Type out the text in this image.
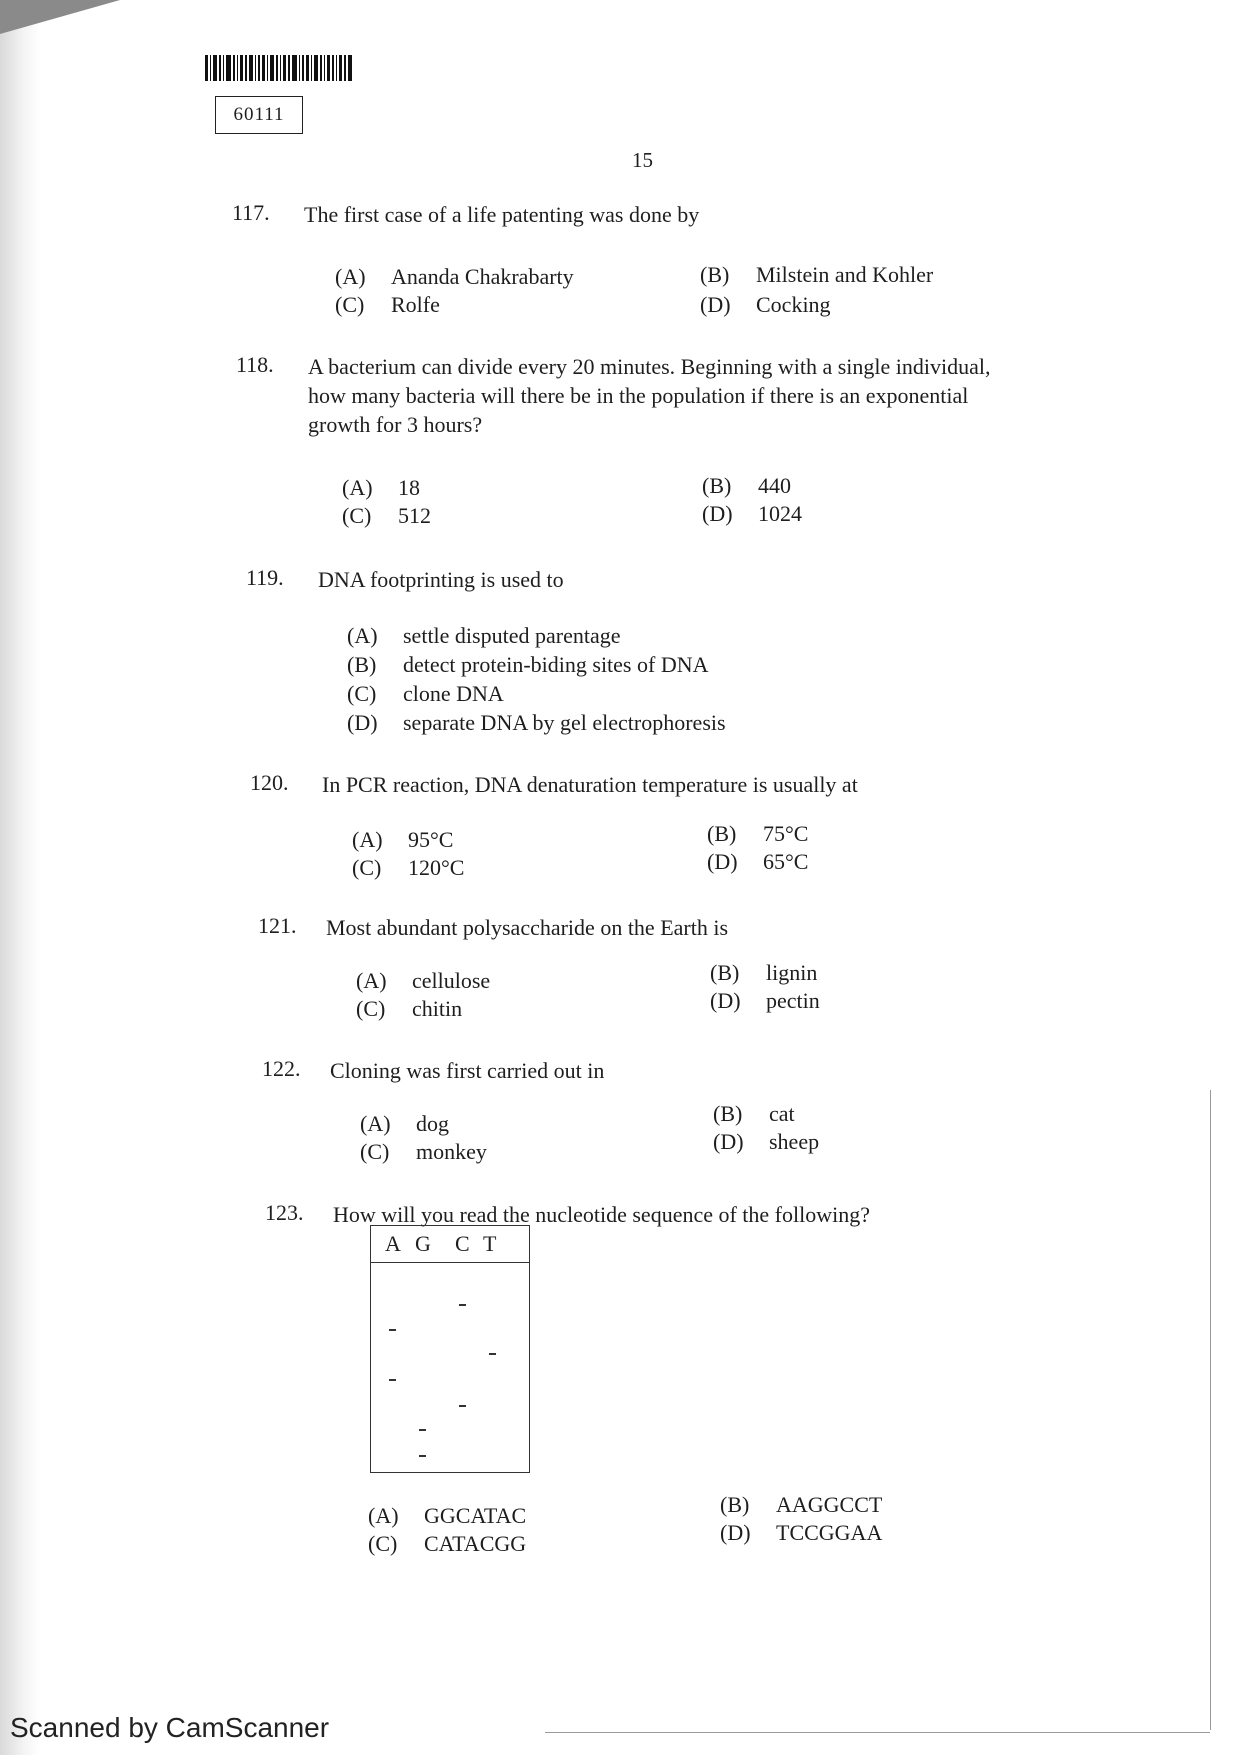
60111
15
117. The first case of a life patenting was done by
(A) Ananda Chakrabarty	(B) Milstein and Kohler
(C) Rolfe	(D) Cocking
118. A bacterium can divide every 20 minutes. Beginning with a single individual,
how many bacteria will there be in the population if there is an exponential
growth for 3 hours?
(A) 18	(B) 440
(C) 512	(D) 1024
119. DNA footprinting is used to
(A) settle disputed parentage
(B) detect protein-biding sites of DNA
(C) clone DNA
(D) separate DNA by gel electrophoresis
120. In PCR reaction, DNA denaturation temperature is usually at
(A) 95°C	(B) 75°C
(C) 120°C	(D) 65°C
121. Most abundant polysaccharide on the Earth is
(A) cellulose	(B) lignin
(C) chitin	(D) pectin
122. Cloning was first carried out in
(A) dog	(B) cat
(C) monkey	(D) sheep
123. How will you read the nucleotide sequence of the following?
A G C T
(A) GGCATAC	(B) AAGGCCT
(C) CATACGG	(D) TCCGGAA
Scanned by CamScanner
